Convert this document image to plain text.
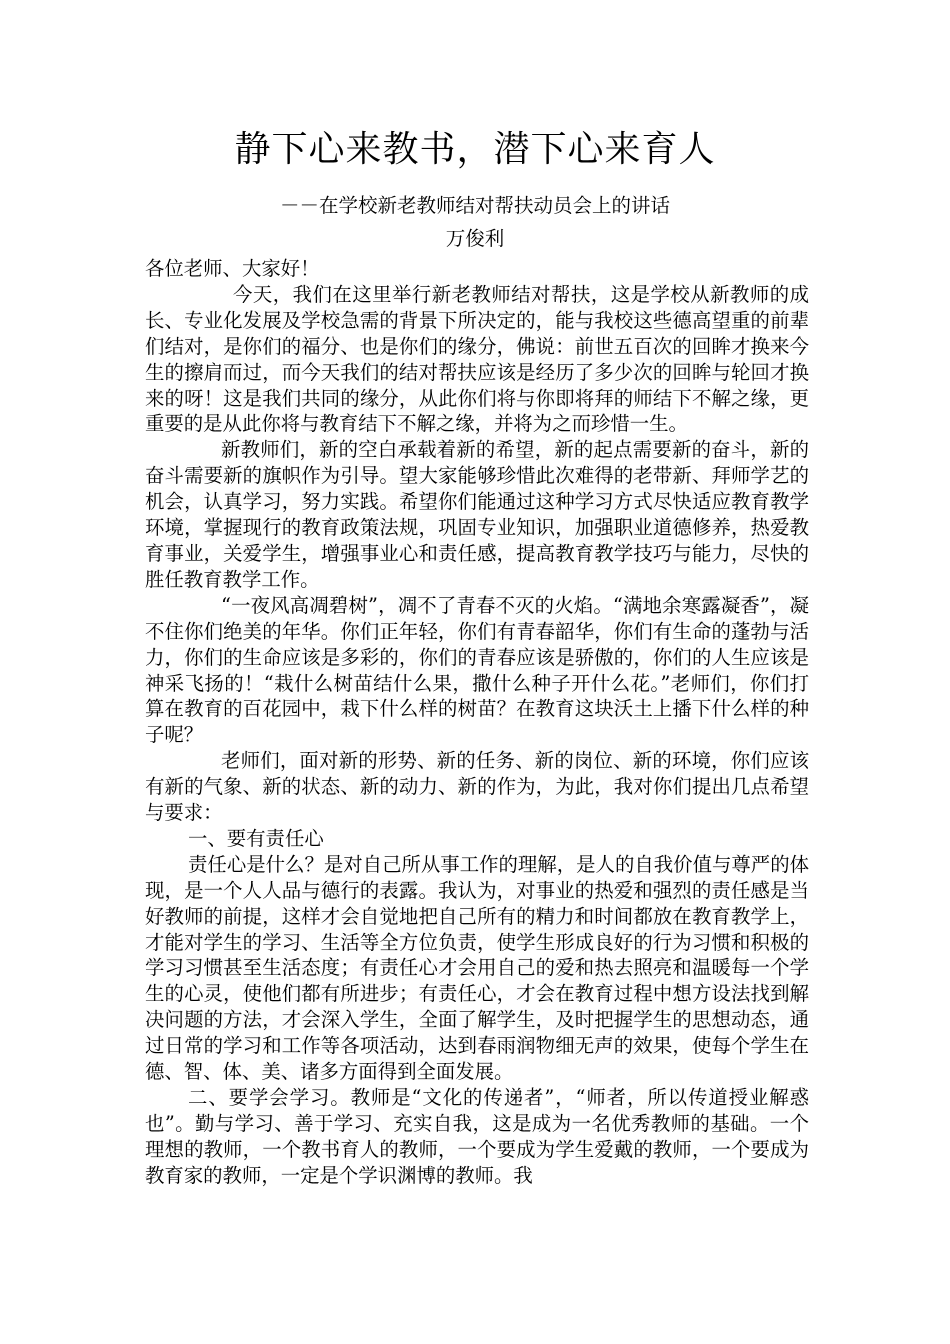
静下心来教书，潜下心来育人
－－在学校新老教师结对帮扶动员会上的讲话
万俊利

各位老师、大家好！

今天，我们在这里举行新老教师结对帮扶，这是学校从新教师的成长、专业化发展及学校急需的背景下所决定的，能与我校这些德高望重的前辈们结对，是你们的福分、也是你们的缘分，佛说：前世五百次的回眸才换来今生的擦肩而过，而今天我们的结对帮扶应该是经历了多少次的回眸与轮回才换来的呀！这是我们共同的缘分，从此你们将与你即将拜的师结下不解之缘，更重要的是从此你将与教育结下不解之缘，并将为之而珍惜一生。

新教师们，新的空白承载着新的希望，新的起点需要新的奋斗，新的奋斗需要新的旗帜作为引导。望大家能够珍惜此次难得的老带新、拜师学艺的机会，认真学习，努力实践。希望你们能通过这种学习方式尽快适应教育教学环境，掌握现行的教育政策法规，巩固专业知识，加强职业道德修养，热爱教育事业，关爱学生，增强事业心和责任感，提高教育教学技巧与能力，尽快的胜任教育教学工作。

“一夜风高凋碧树”，凋不了青春不灭的火焰。“满地余寒露凝香”，凝不住你们绝美的年华。你们正年轻，你们有青春韶华，你们有生命的蓬勃与活力，你们的生命应该是多彩的，你们的青春应该是骄傲的，你们的人生应该是神采飞扬的！“栽什么树苗结什么果，撒什么种子开什么花。”老师们，你们打算在教育的百花园中，栽下什么样的树苗？在教育这块沃土上播下什么样的种子呢？

老师们，面对新的形势、新的任务、新的岗位、新的环境，你们应该有新的气象、新的状态、新的动力、新的作为，为此，我对你们提出几点希望与要求：

一、要有责任心

责任心是什么？是对自己所从事工作的理解，是人的自我价值与尊严的体现，是一个人人品与德行的表露。我认为，对事业的热爱和强烈的责任感是当好教师的前提，这样才会自觉地把自己所有的精力和时间都放在教育教学上，才能对学生的学习、生活等全方位负责，使学生形成良好的行为习惯和积极的学习习惯甚至生活态度；有责任心才会用自己的爱和热去照亮和温暖每一个学生的心灵，使他们都有所进步；有责任心，才会在教育过程中想方设法找到解决问题的方法，才会深入学生，全面了解学生，及时把握学生的思想动态，通过日常的学习和工作等各项活动，达到春雨润物细无声的效果，使每个学生在德、智、体、美、诸多方面得到全面发展。

二、要学会学习。教师是“文化的传递者”，“师者，所以传道授业解惑也”。勤与学习、善于学习、充实自我，这是成为一名优秀教师的基础。一个理想的教师，一个教书育人的教师，一个要成为学生爱戴的教师，一个要成为教育家的教师，一定是个学识渊博的教师。我
